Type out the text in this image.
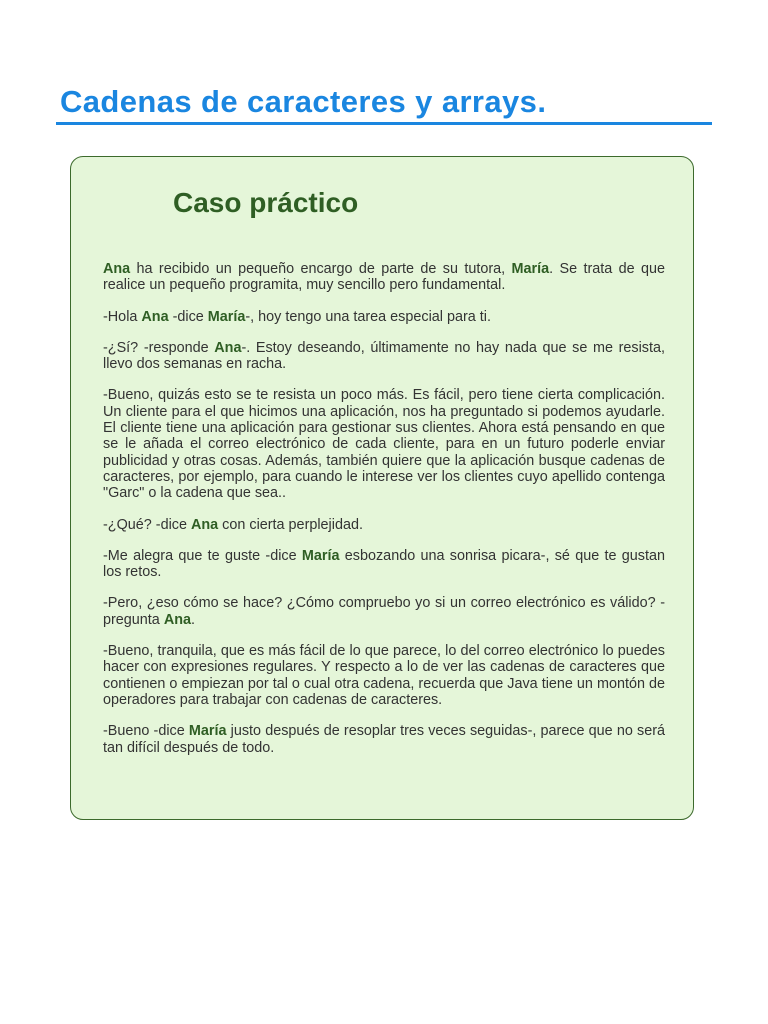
Cadenas de caracteres y arrays.
Caso práctico

Ana ha recibido un pequeño encargo de parte de su tutora, María. Se trata de que realice un pequeño programita, muy sencillo pero fundamental.

-Hola Ana -dice María-, hoy tengo una tarea especial para ti.

-¿Sí? -responde Ana-. Estoy deseando, últimamente no hay nada que se me resista, llevo dos semanas en racha.

-Bueno, quizás esto se te resista un poco más. Es fácil, pero tiene cierta complicación. Un cliente para el que hicimos una aplicación, nos ha preguntado si podemos ayudarle. El cliente tiene una aplicación para gestionar sus clientes. Ahora está pensando en que se le añada el correo electrónico de cada cliente, para en un futuro poderle enviar publicidad y otras cosas. Además, también quiere que la aplicación busque cadenas de caracteres, por ejemplo, para cuando le interese ver los clientes cuyo apellido contenga "Garc" o la cadena que sea..

-¿Qué? -dice Ana con cierta perplejidad.

-Me alegra que te guste -dice María esbozando una sonrisa picara-, sé que te gustan los retos.

-Pero, ¿eso cómo se hace? ¿Cómo compruebo yo si un correo electrónico es válido? -pregunta Ana.

-Bueno, tranquila, que es más fácil de lo que parece, lo del correo electrónico lo puedes hacer con expresiones regulares. Y respecto a lo de ver las cadenas de caracteres que contienen o empiezan por tal o cual otra cadena, recuerda que Java tiene un montón de operadores para trabajar con cadenas de caracteres.

-Bueno -dice María justo después de resoplar tres veces seguidas-, parece que no será tan difícil después de todo.
